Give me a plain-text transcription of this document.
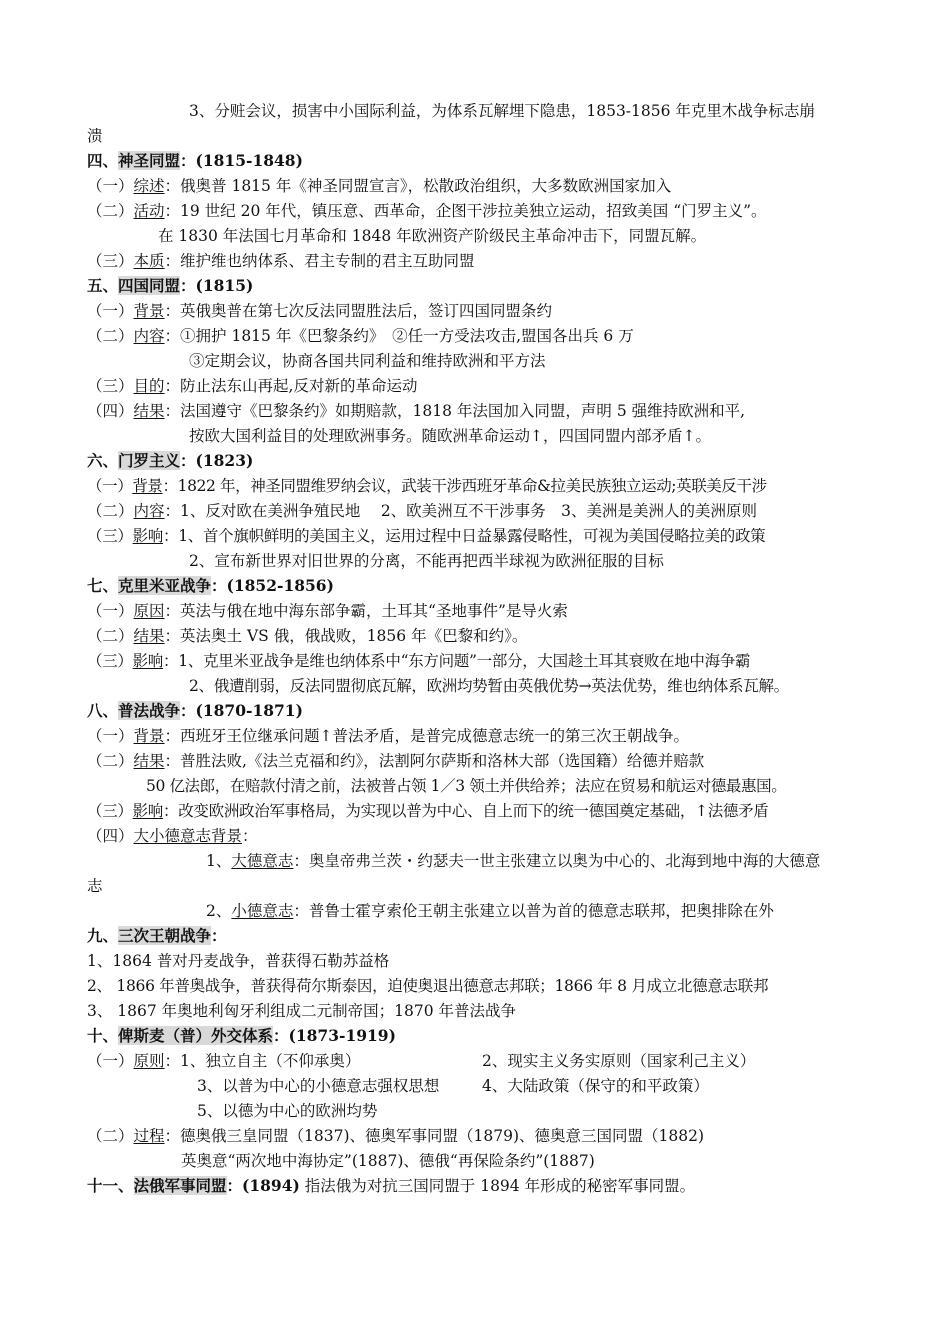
3、分赃会议，损害中小国际利益，为体系瓦解埋下隐患，1853-1856 年克里木战争标志崩
溃
四、神圣同盟：(1815-1848)
（一）综述：俄奥普 1815 年《神圣同盟宣言》，松散政治组织，大多数欧洲国家加入
（二）活动：19 世纪 20 年代，镇压意、西革命，企图干涉拉美独立运动，招致美国 “门罗主义”。
在 1830 年法国七月革命和 1848 年欧洲资产阶级民主革命冲击下，同盟瓦解。
（三）本质：维护维也纳体系、君主专制的君主互助同盟
五、四国同盟：(1815)
（一）背景：英俄奥普在第七次反法同盟胜法后，签订四国同盟条约
（二）内容：①拥护 1815 年《巴黎条约》　②任一方受法攻击,盟国各出兵 6 万
③定期会议，协商各国共同利益和维持欧洲和平方法
（三）目的：防止法东山再起,反对新的革命运动
（四）结果：法国遵守《巴黎条约》如期赔款，1818 年法国加入同盟，声明 5 强维持欧洲和平,
按欧大国利益目的处理欧洲事务。随欧洲革命运动↑，四国同盟内部矛盾↑。
六、门罗主义：(1823)
（一）背景：1822 年，神圣同盟维罗纳会议，武装干涉西班牙革命&拉美民族独立运动;英联美反干涉
（二）内容：1、反对欧在美洲争殖民地　 2、欧美洲互不干涉事务　3、美洲是美洲人的美洲原则
（三）影响：1、首个旗帜鲜明的美国主义，运用过程中日益暴露侵略性，可视为美国侵略拉美的政策
2、宣布新世界对旧世界的分离，不能再把西半球视为欧洲征服的目标
七、克里米亚战争：(1852-1856)
（一）原因：英法与俄在地中海东部争霸，土耳其“圣地事件”是导火索
（二）结果：英法奥土 VS 俄，俄战败，1856 年《巴黎和约》。
（三）影响：1、克里米亚战争是维也纳体系中“东方问题”一部分，大国趁土耳其衰败在地中海争霸
2、俄遭削弱，反法同盟彻底瓦解，欧洲均势暂由英俄优势→英法优势，维也纳体系瓦解。
八、普法战争：(1870-1871)
（一）背景：西班牙王位继承问题↑普法矛盾，是普完成德意志统一的第三次王朝战争。
（二）结果：普胜法败,《法兰克福和约》，法割阿尔萨斯和洛林大部（选国籍）给德并赔款
50 亿法郎，在赔款付清之前，法被普占领 1／3 领土并供给养；法应在贸易和航运对德最惠国。
（三）影响：改变欧洲政治军事格局，为实现以普为中心、自上而下的统一德国奠定基础，↑法德矛盾
（四）大小德意志背景：
1、大德意志：奥皇帝弗兰茨・约瑟夫一世主张建立以奥为中心的、北海到地中海的大德意
志
2、小德意志：普鲁士霍亨索伦王朝主张建立以普为首的德意志联邦，把奥排除在外
九、三次王朝战争：
1、1864 普对丹麦战争，普获得石勒苏益格
2、 1866 年普奥战争，普获得荷尔斯泰因，迫使奥退出德意志邦联；1866 年 8 月成立北德意志联邦
3、 1867 年奥地利匈牙利组成二元制帝国；1870 年普法战争
十、俾斯麦（普）外交体系：(1873-1919)
（一）原则：1、独立自主（不仰承奥）	2、现实主义务实原则（国家利己主义）
3、以普为中心的小德意志强权思想	4、大陆政策（保守的和平政策）
5、以德为中心的欧洲均势
（二）过程：德奥俄三皇同盟（1837)、德奥军事同盟（1879)、德奥意三国同盟（1882)
英奥意“两次地中海协定”(1887)、德俄“再保险条约”(1887)
十一、法俄军事同盟：(1894) 指法俄为对抗三国同盟于 1894 年形成的秘密军事同盟。
